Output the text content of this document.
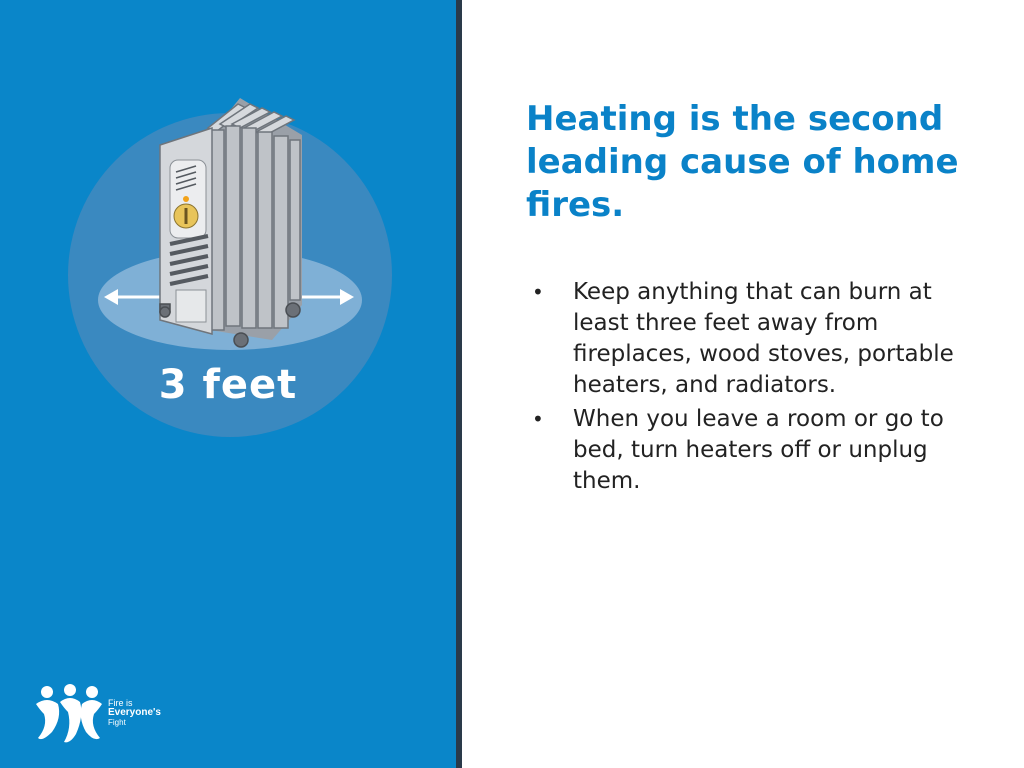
3 feet
Fire is
Everyone's
Fight
Heating is the second leading cause of home fires.
• Keep anything that can burn at least three feet away from fireplaces, wood stoves, portable heaters, and radiators.
• When you leave a room or go to bed, turn heaters off or unplug them.
